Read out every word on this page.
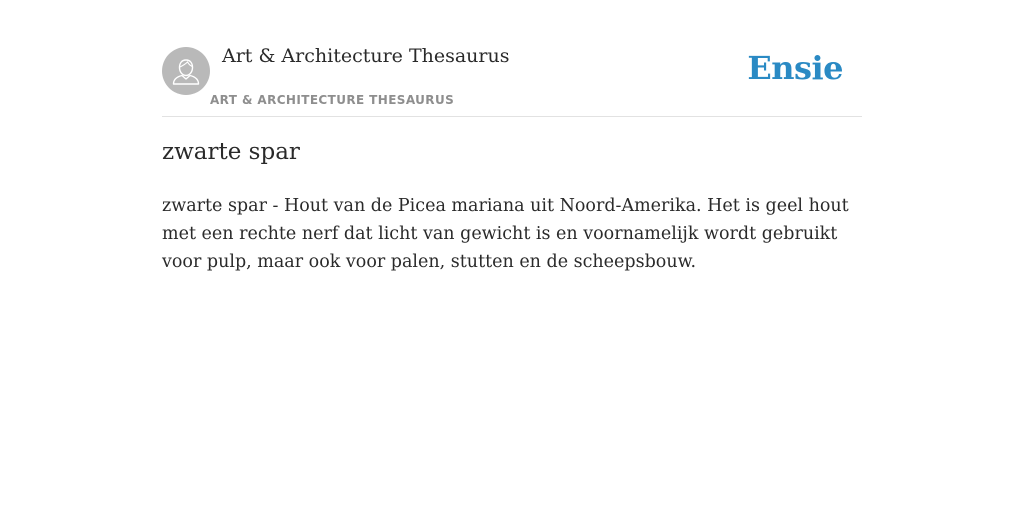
Art & Architecture Thesaurus
ART & ARCHITECTURE THESAURUS
Ensie
zwarte spar

zwarte spar - Hout van de Picea mariana uit Noord-Amerika. Het is geel hout met een rechte nerf dat licht van gewicht is en voornamelijk wordt gebruikt voor pulp, maar ook voor palen, stutten en de scheepsbouw.
